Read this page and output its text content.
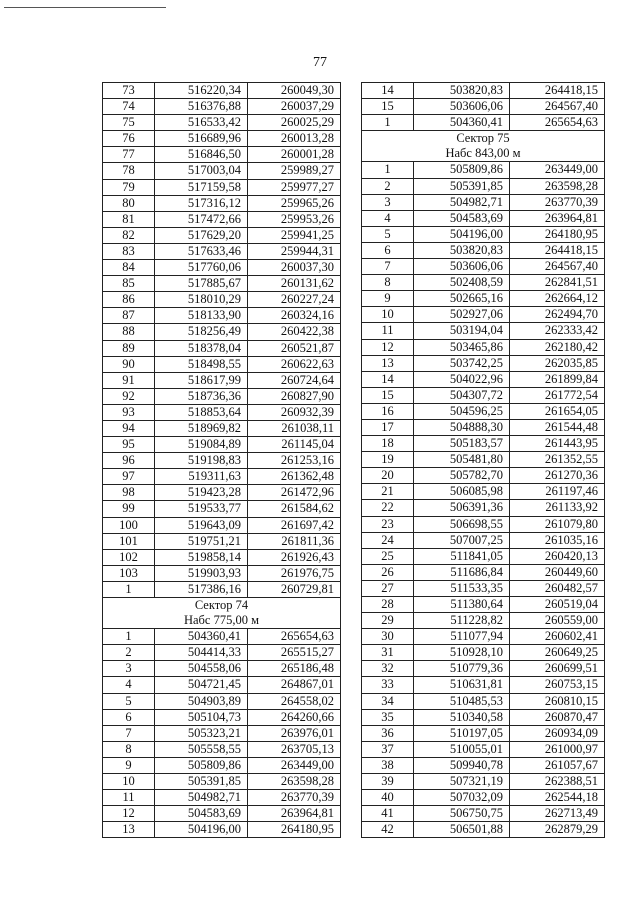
77
73	516220,34	260049,30
74	516376,88	260037,29
75	516533,42	260025,29
76	516689,96	260013,28
77	516846,50	260001,28
78	517003,04	259989,27
79	517159,58	259977,27
80	517316,12	259965,26
81	517472,66	259953,26
82	517629,20	259941,25
83	517633,46	259944,31
84	517760,06	260037,30
85	517885,67	260131,62
86	518010,29	260227,24
87	518133,90	260324,16
88	518256,49	260422,38
89	518378,04	260521,87
90	518498,55	260622,63
91	518617,99	260724,64
92	518736,36	260827,90
93	518853,64	260932,39
94	518969,82	261038,11
95	519084,89	261145,04
96	519198,83	261253,16
97	519311,63	261362,48
98	519423,28	261472,96
99	519533,77	261584,62
100	519643,09	261697,42
101	519751,21	261811,36
102	519858,14	261926,43
103	519903,93	261976,75
1	517386,16	260729,81
Сектор 74		
Набс 775,00 м		
1	504360,41	265654,63
2	504414,33	265515,27
3	504558,06	265186,48
4	504721,45	264867,01
5	504903,89	264558,02
6	505104,73	264260,66
7	505323,21	263976,01
8	505558,55	263705,13
9	505809,86	263449,00
10	505391,85	263598,28
11	504982,71	263770,39
12	504583,69	263964,81
13	504196,00	264180,95
14	503820,83	264418,15
15	503606,06	264567,40
1	504360,41	265654,63
Сектор 75		
Набс 843,00 м		
1	505809,86	263449,00
2	505391,85	263598,28
3	504982,71	263770,39
4	504583,69	263964,81
5	504196,00	264180,95
6	503820,83	264418,15
7	503606,06	264567,40
8	502408,59	262841,51
9	502665,16	262664,12
10	502927,06	262494,70
11	503194,04	262333,42
12	503465,86	262180,42
13	503742,25	262035,85
14	504022,96	261899,84
15	504307,72	261772,54
16	504596,25	261654,05
17	504888,30	261544,48
18	505183,57	261443,95
19	505481,80	261352,55
20	505782,70	261270,36
21	506085,98	261197,46
22	506391,36	261133,92
23	506698,55	261079,80
24	507007,25	261035,16
25	511841,05	260420,13
26	511686,84	260449,60
27	511533,35	260482,57
28	511380,64	260519,04
29	511228,82	260559,00
30	511077,94	260602,41
31	510928,10	260649,25
32	510779,36	260699,51
33	510631,81	260753,15
34	510485,53	260810,15
35	510340,58	260870,47
36	510197,05	260934,09
37	510055,01	261000,97
38	509940,78	261057,67
39	507321,19	262388,51
40	507032,09	262544,18
41	506750,75	262713,49
42	506501,88	262879,29
